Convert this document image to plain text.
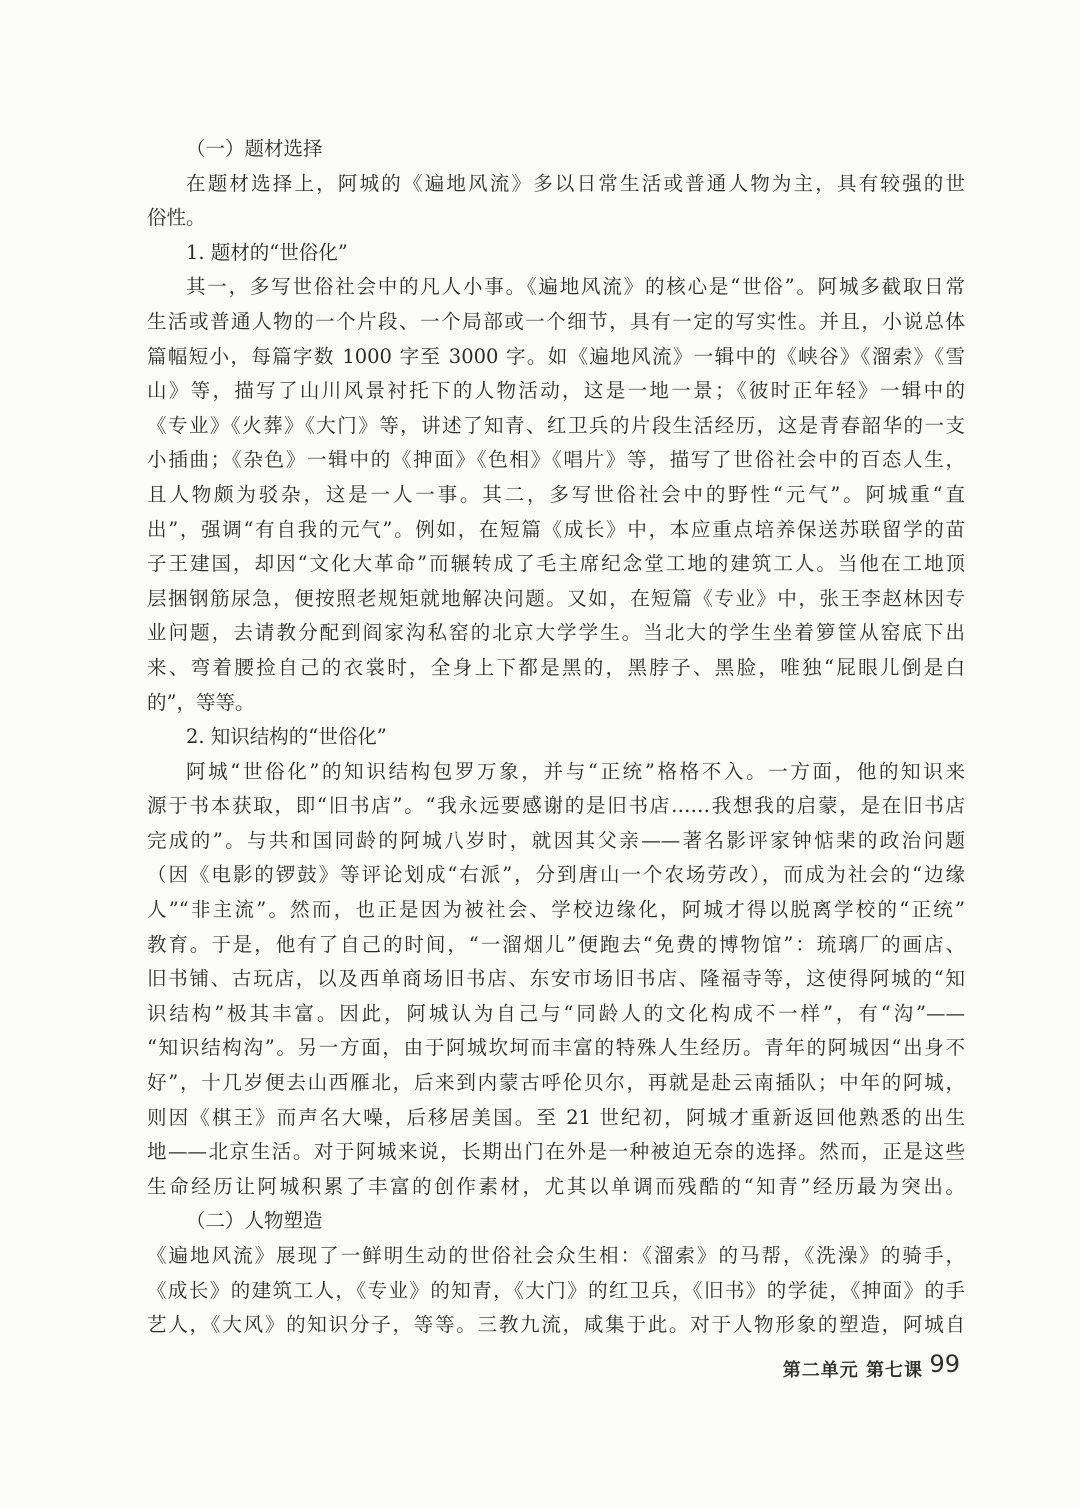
（一）题材选择
在题材选择上，阿城的《遍地风流》多以日常生活或普通人物为主，具有较强的世
俗性。
1. 题材的“世俗化”
其一，多写世俗社会中的凡人小事。《遍地风流》的核心是“世俗”。阿城多截取日常
生活或普通人物的一个片段、一个局部或一个细节，具有一定的写实性。并且，小说总体
篇幅短小，每篇字数 1000 字至 3000 字。如《遍地风流》一辑中的《峡谷》《溜索》《雪
山》等，描写了山川风景衬托下的人物活动，这是一地一景；《彼时正年轻》一辑中的
《专业》《火葬》《大门》等，讲述了知青、红卫兵的片段生活经历，这是青春韶华的一支
小插曲；《杂色》一辑中的《抻面》《色相》《唱片》等，描写了世俗社会中的百态人生，
且人物颇为驳杂，这是一人一事。其二，多写世俗社会中的野性“元气”。阿城重“直
出”，强调“有自我的元气”。例如，在短篇《成长》中，本应重点培养保送苏联留学的苗
子王建国，却因“文化大革命”而辗转成了毛主席纪念堂工地的建筑工人。当他在工地顶
层捆钢筋尿急，便按照老规矩就地解决问题。又如，在短篇《专业》中，张王李赵林因专
业问题，去请教分配到阎家沟私窑的北京大学学生。当北大的学生坐着箩筐从窑底下出
来、弯着腰捡自己的衣裳时，全身上下都是黑的，黑脖子、黑脸，唯独“屁眼儿倒是白
的”，等等。
2. 知识结构的“世俗化”
阿城“世俗化”的知识结构包罗万象，并与“正统”格格不入。一方面，他的知识来
源于书本获取，即“旧书店”。“我永远要感谢的是旧书店……我想我的启蒙，是在旧书店
完成的”。与共和国同龄的阿城八岁时，就因其父亲——著名影评家钟惦棐的政治问题
（因《电影的锣鼓》等评论划成“右派”，分到唐山一个农场劳改），而成为社会的“边缘
人”“非主流”。然而，也正是因为被社会、学校边缘化，阿城才得以脱离学校的“正统”
教育。于是，他有了自己的时间，“一溜烟儿”便跑去“免费的博物馆”：琉璃厂的画店、
旧书铺、古玩店，以及西单商场旧书店、东安市场旧书店、隆福寺等，这使得阿城的“知
识结构”极其丰富。因此，阿城认为自己与“同龄人的文化构成不一样”，有“沟”——
“知识结构沟”。另一方面，由于阿城坎坷而丰富的特殊人生经历。青年的阿城因“出身不
好”，十几岁便去山西雁北，后来到内蒙古呼伦贝尔，再就是赴云南插队；中年的阿城，
则因《棋王》而声名大噪，后移居美国。至 21 世纪初，阿城才重新返回他熟悉的出生
地——北京生活。对于阿城来说，长期出门在外是一种被迫无奈的选择。然而，正是这些
生命经历让阿城积累了丰富的创作素材，尤其以单调而残酷的“知青”经历最为突出。
（二）人物塑造
《遍地风流》展现了一鲜明生动的世俗社会众生相：《溜索》的马帮，《洗澡》的骑手，
《成长》的建筑工人，《专业》的知青，《大门》的红卫兵，《旧书》的学徒，《抻面》的手
艺人，《大风》的知识分子，等等。三教九流，咸集于此。对于人物形象的塑造，阿城自
第二单元 第七课 99
